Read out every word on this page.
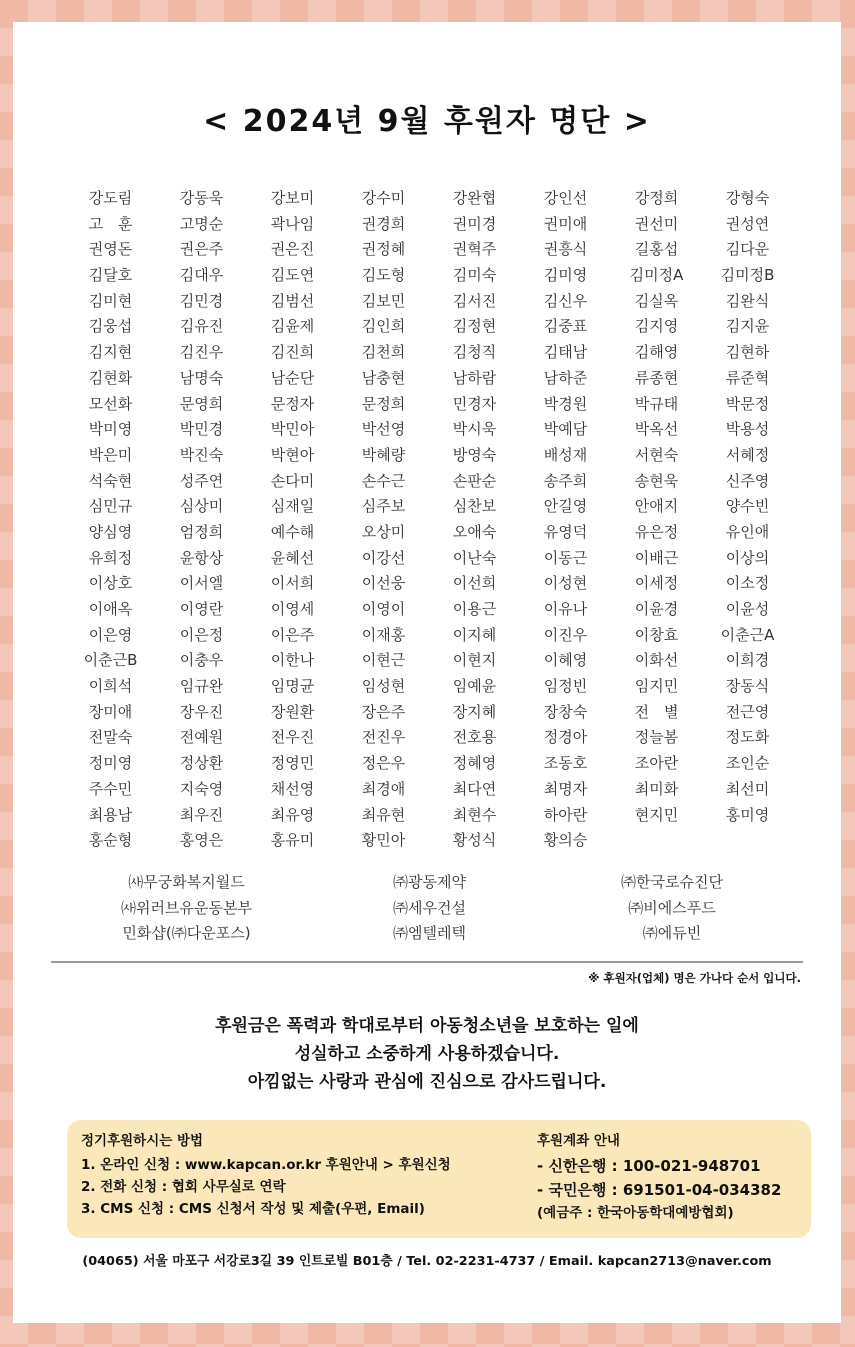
< 2024년 9월 후원자 명단 >
강도림	강동욱	강보미	강수미	강완협	강인선	강정희	강형숙
고　훈	고명순	곽나임	권경희	권미경	권미애	권선미	권성연
권영돈	권은주	권은진	권정혜	권혁주	권흥식	길홍섭	김다운
김달호	김대우	김도연	김도형	김미숙	김미영	김미정A	김미정B
김미현	김민경	김범선	김보민	김서진	김신우	김실옥	김완식
김웅섭	김유진	김윤제	김인희	김정현	김중표	김지영	김지윤
김지현	김진우	김진희	김천희	김청직	김태남	김해영	김현하
김현화	남명숙	남순단	남충현	남하람	남하준	류종현	류준혁
모선화	문영희	문정자	문정희	민경자	박경원	박규태	박문정
박미영	박민경	박민아	박선영	박시욱	박예담	박옥선	박용성
박은미	박진숙	박현아	박혜량	방영숙	배성재	서현숙	서혜정
석숙현	성주연	손다미	손수근	손판순	송주희	송현욱	신주영
심민규	심상미	심재일	심주보	심찬보	안길영	안애지	양수빈
양심영	엄정희	예수해	오상미	오애숙	유영덕	유은정	유인애
유희정	윤항상	윤혜선	이강선	이난숙	이동근	이배근	이상의
이상호	이서엘	이서희	이선웅	이선희	이성현	이세정	이소정
이애옥	이영란	이영세	이영이	이용근	이유나	이윤경	이윤성
이은영	이은정	이은주	이재홍	이지혜	이진우	이창효	이춘근A
이춘근B	이충우	이한나	이현근	이현지	이혜영	이화선	이희경
이희석	임규완	임명균	임성현	임예윤	임정빈	임지민	장동식
장미애	장우진	장원환	장은주	장지혜	장창숙	전　별	전근영
전말숙	전예원	전우진	전진우	전호용	정경아	정늘봄	정도화
정미영	정상환	정영민	정은우	정혜영	조동호	조아란	조인순
주수민	지숙영	채선영	최경애	최다연	최명자	최미화	최선미
최용남	최우진	최유영	최유현	최현수	하아란	현지민	홍미영
홍순형	홍영은	홍유미	황민아	황성식	황의승
㈔무궁화복지월드	㈜광동제약	㈜한국로슈진단
㈔위러브유운동본부	㈜세우건설	㈜비에스푸드
민화샵(㈜다운포스)	㈜엠텔레텍	㈜에듀빈
※ 후원자(업체) 명은 가나다 순서 입니다.
후원금은 폭력과 학대로부터 아동청소년을 보호하는 일에
성실하고 소중하게 사용하겠습니다.
아낌없는 사랑과 관심에 진심으로 감사드립니다.
정기후원하시는 방법
1. 온라인 신청 : www.kapcan.or.kr 후원안내 > 후원신청
2. 전화 신청 : 협회 사무실로 연락
3. CMS 신청 : CMS 신청서 작성 및 제출(우편, Email)
후원계좌 안내
- 신한은행 : 100-021-948701
- 국민은행 : 691501-04-034382
(예금주 : 한국아동학대예방협회)
(04065) 서울 마포구 서강로3길 39 인트로빌 B01층 / Tel. 02-2231-4737 / Email. kapcan2713@naver.com
